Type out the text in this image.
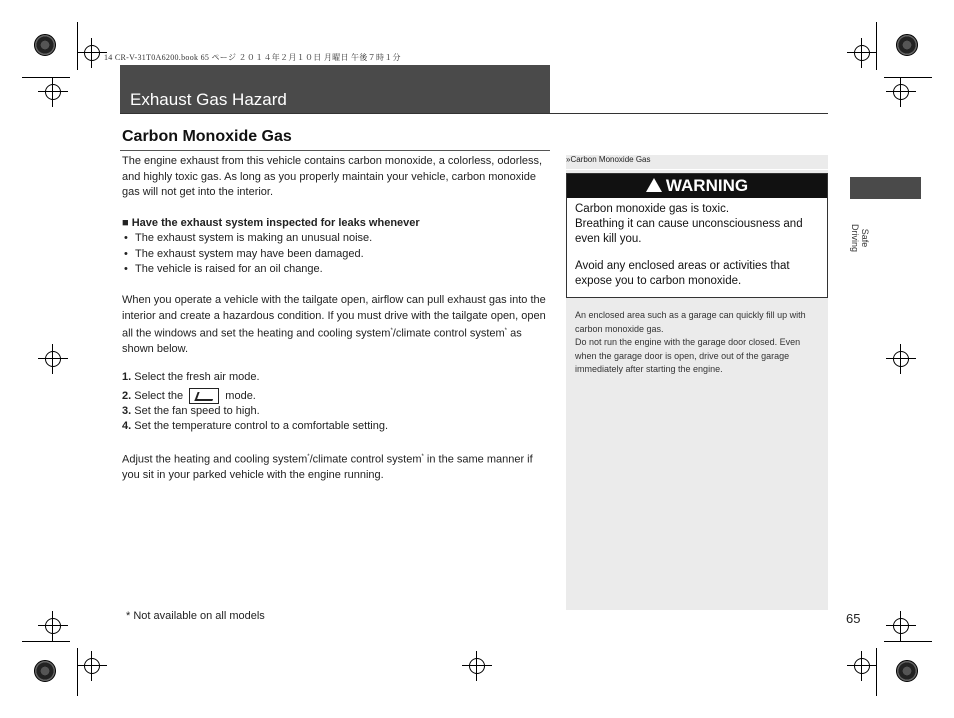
14 CR-V-31T0A6200.book 65 ページ ２０１４年２月１０日 月曜日 午後７時１分
Exhaust Gas Hazard
Carbon Monoxide Gas
The engine exhaust from this vehicle contains carbon monoxide, a colorless, odorless, and highly toxic gas. As long as you properly maintain your vehicle, carbon monoxide gas will not get into the interior.
■ Have the exhaust system inspected for leaks whenever
• The exhaust system is making an unusual noise.
• The exhaust system may have been damaged.
• The vehicle is raised for an oil change.
When you operate a vehicle with the tailgate open, airflow can pull exhaust gas into the interior and create a hazardous condition. If you must drive with the tailgate open, open all the windows and set the heating and cooling system*/climate control system* as shown below.
1. Select the fresh air mode.
2. Select the	mode.
3. Set the fan speed to high.
4. Set the temperature control to a comfortable setting.
Adjust the heating and cooling system*/climate control system* in the same manner if you sit in your parked vehicle with the engine running.
»Carbon Monoxide Gas
WARNING
Carbon monoxide gas is toxic.
Breathing it can cause unconsciousness and even kill you.
Avoid any enclosed areas or activities that expose you to carbon monoxide.
An enclosed area such as a garage can quickly fill up with carbon monoxide gas.
Do not run the engine with the garage door closed. Even when the garage door is open, drive out of the garage immediately after starting the engine.
Safe Driving
* Not available on all models	65
